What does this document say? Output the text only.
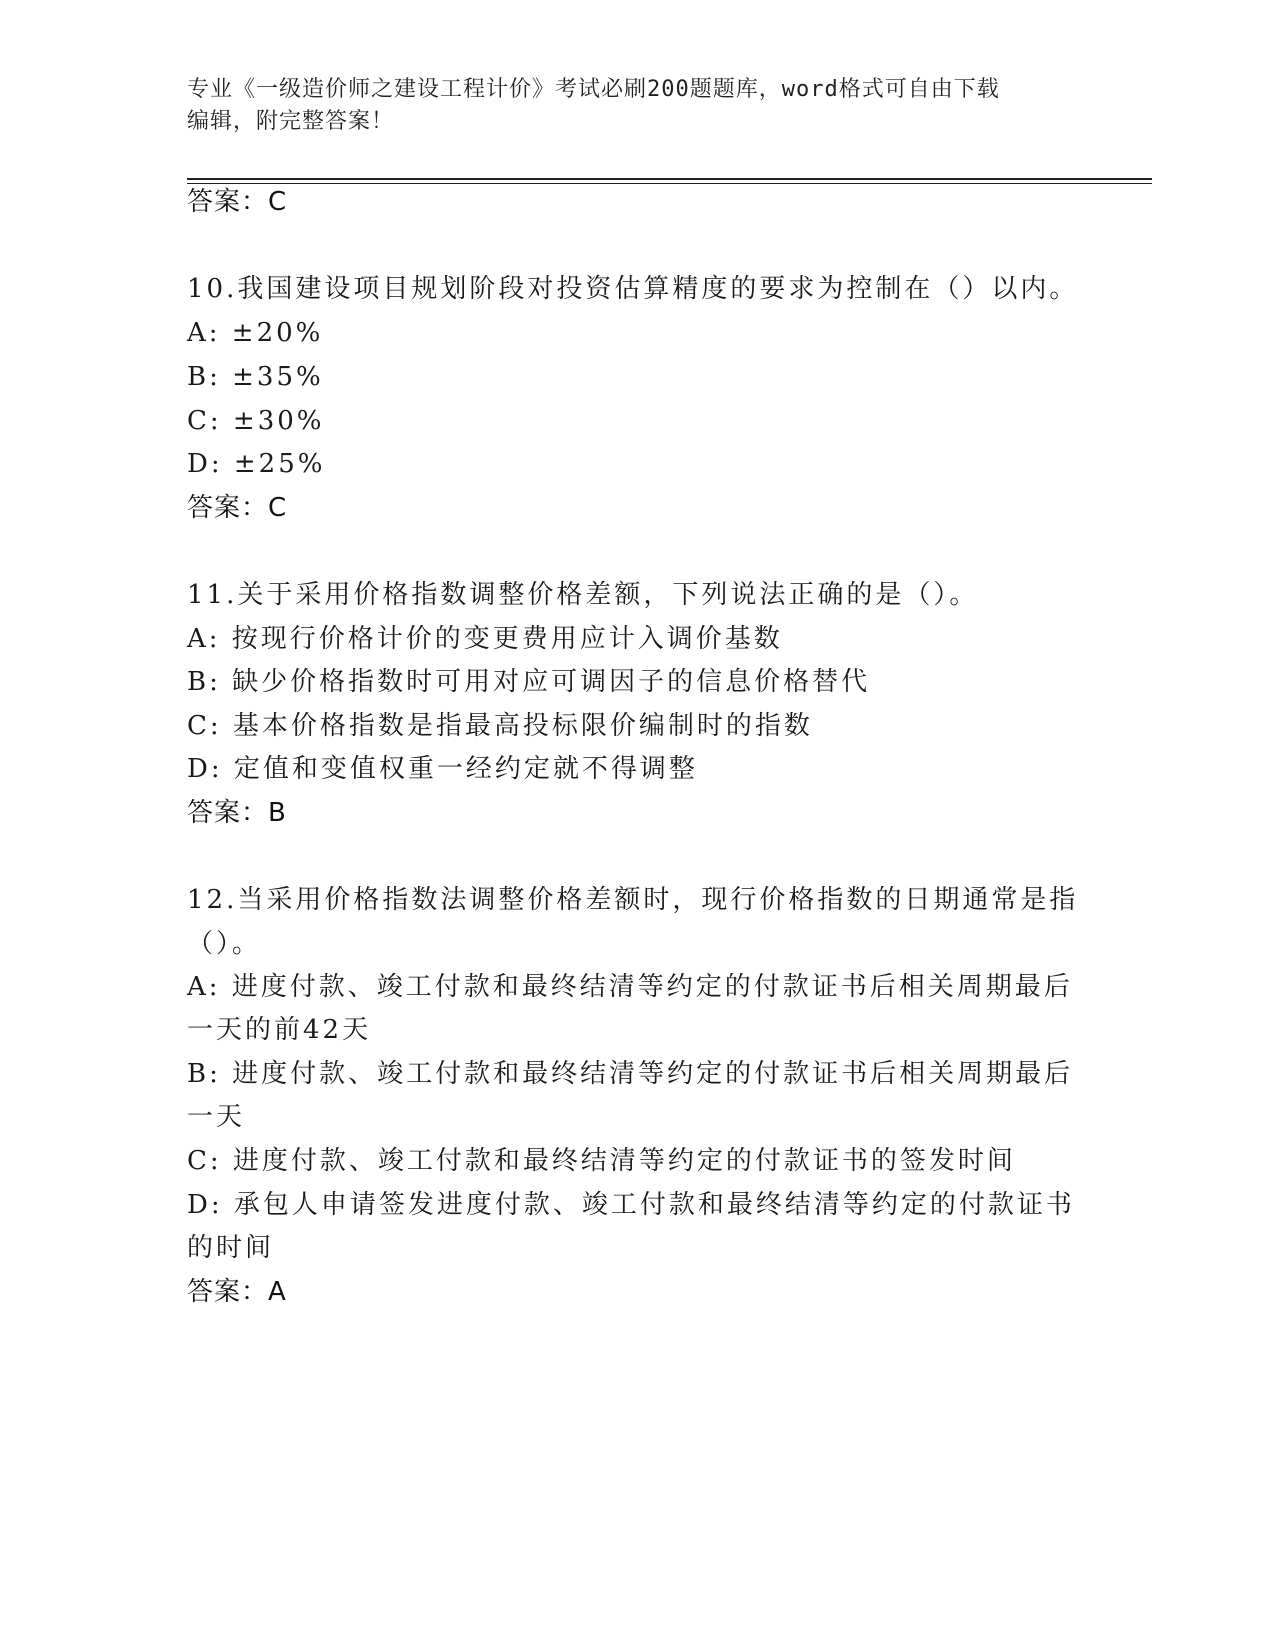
专业《一级造价师之建设工程计价》考试必刷200题题库，word格式可自由下载
编辑，附完整答案！
答案：C
10.我国建设项目规划阶段对投资估算精度的要求为控制在（）以内。
A: ±20%
B: ±35%
C: ±30%
D: ±25%
答案：C
11.关于采用价格指数调整价格差额，下列说法正确的是（）。
A: 按现行价格计价的变更费用应计入调价基数
B: 缺少价格指数时可用对应可调因子的信息价格替代
C: 基本价格指数是指最高投标限价编制时的指数
D: 定值和变值权重一经约定就不得调整
答案：B
12.当采用价格指数法调整价格差额时，现行价格指数的日期通常是指
（）。
A: 进度付款、竣工付款和最终结清等约定的付款证书后相关周期最后
一天的前42天
B: 进度付款、竣工付款和最终结清等约定的付款证书后相关周期最后
一天
C: 进度付款、竣工付款和最终结清等约定的付款证书的签发时间
D: 承包人申请签发进度付款、竣工付款和最终结清等约定的付款证书
的时间
答案：A
